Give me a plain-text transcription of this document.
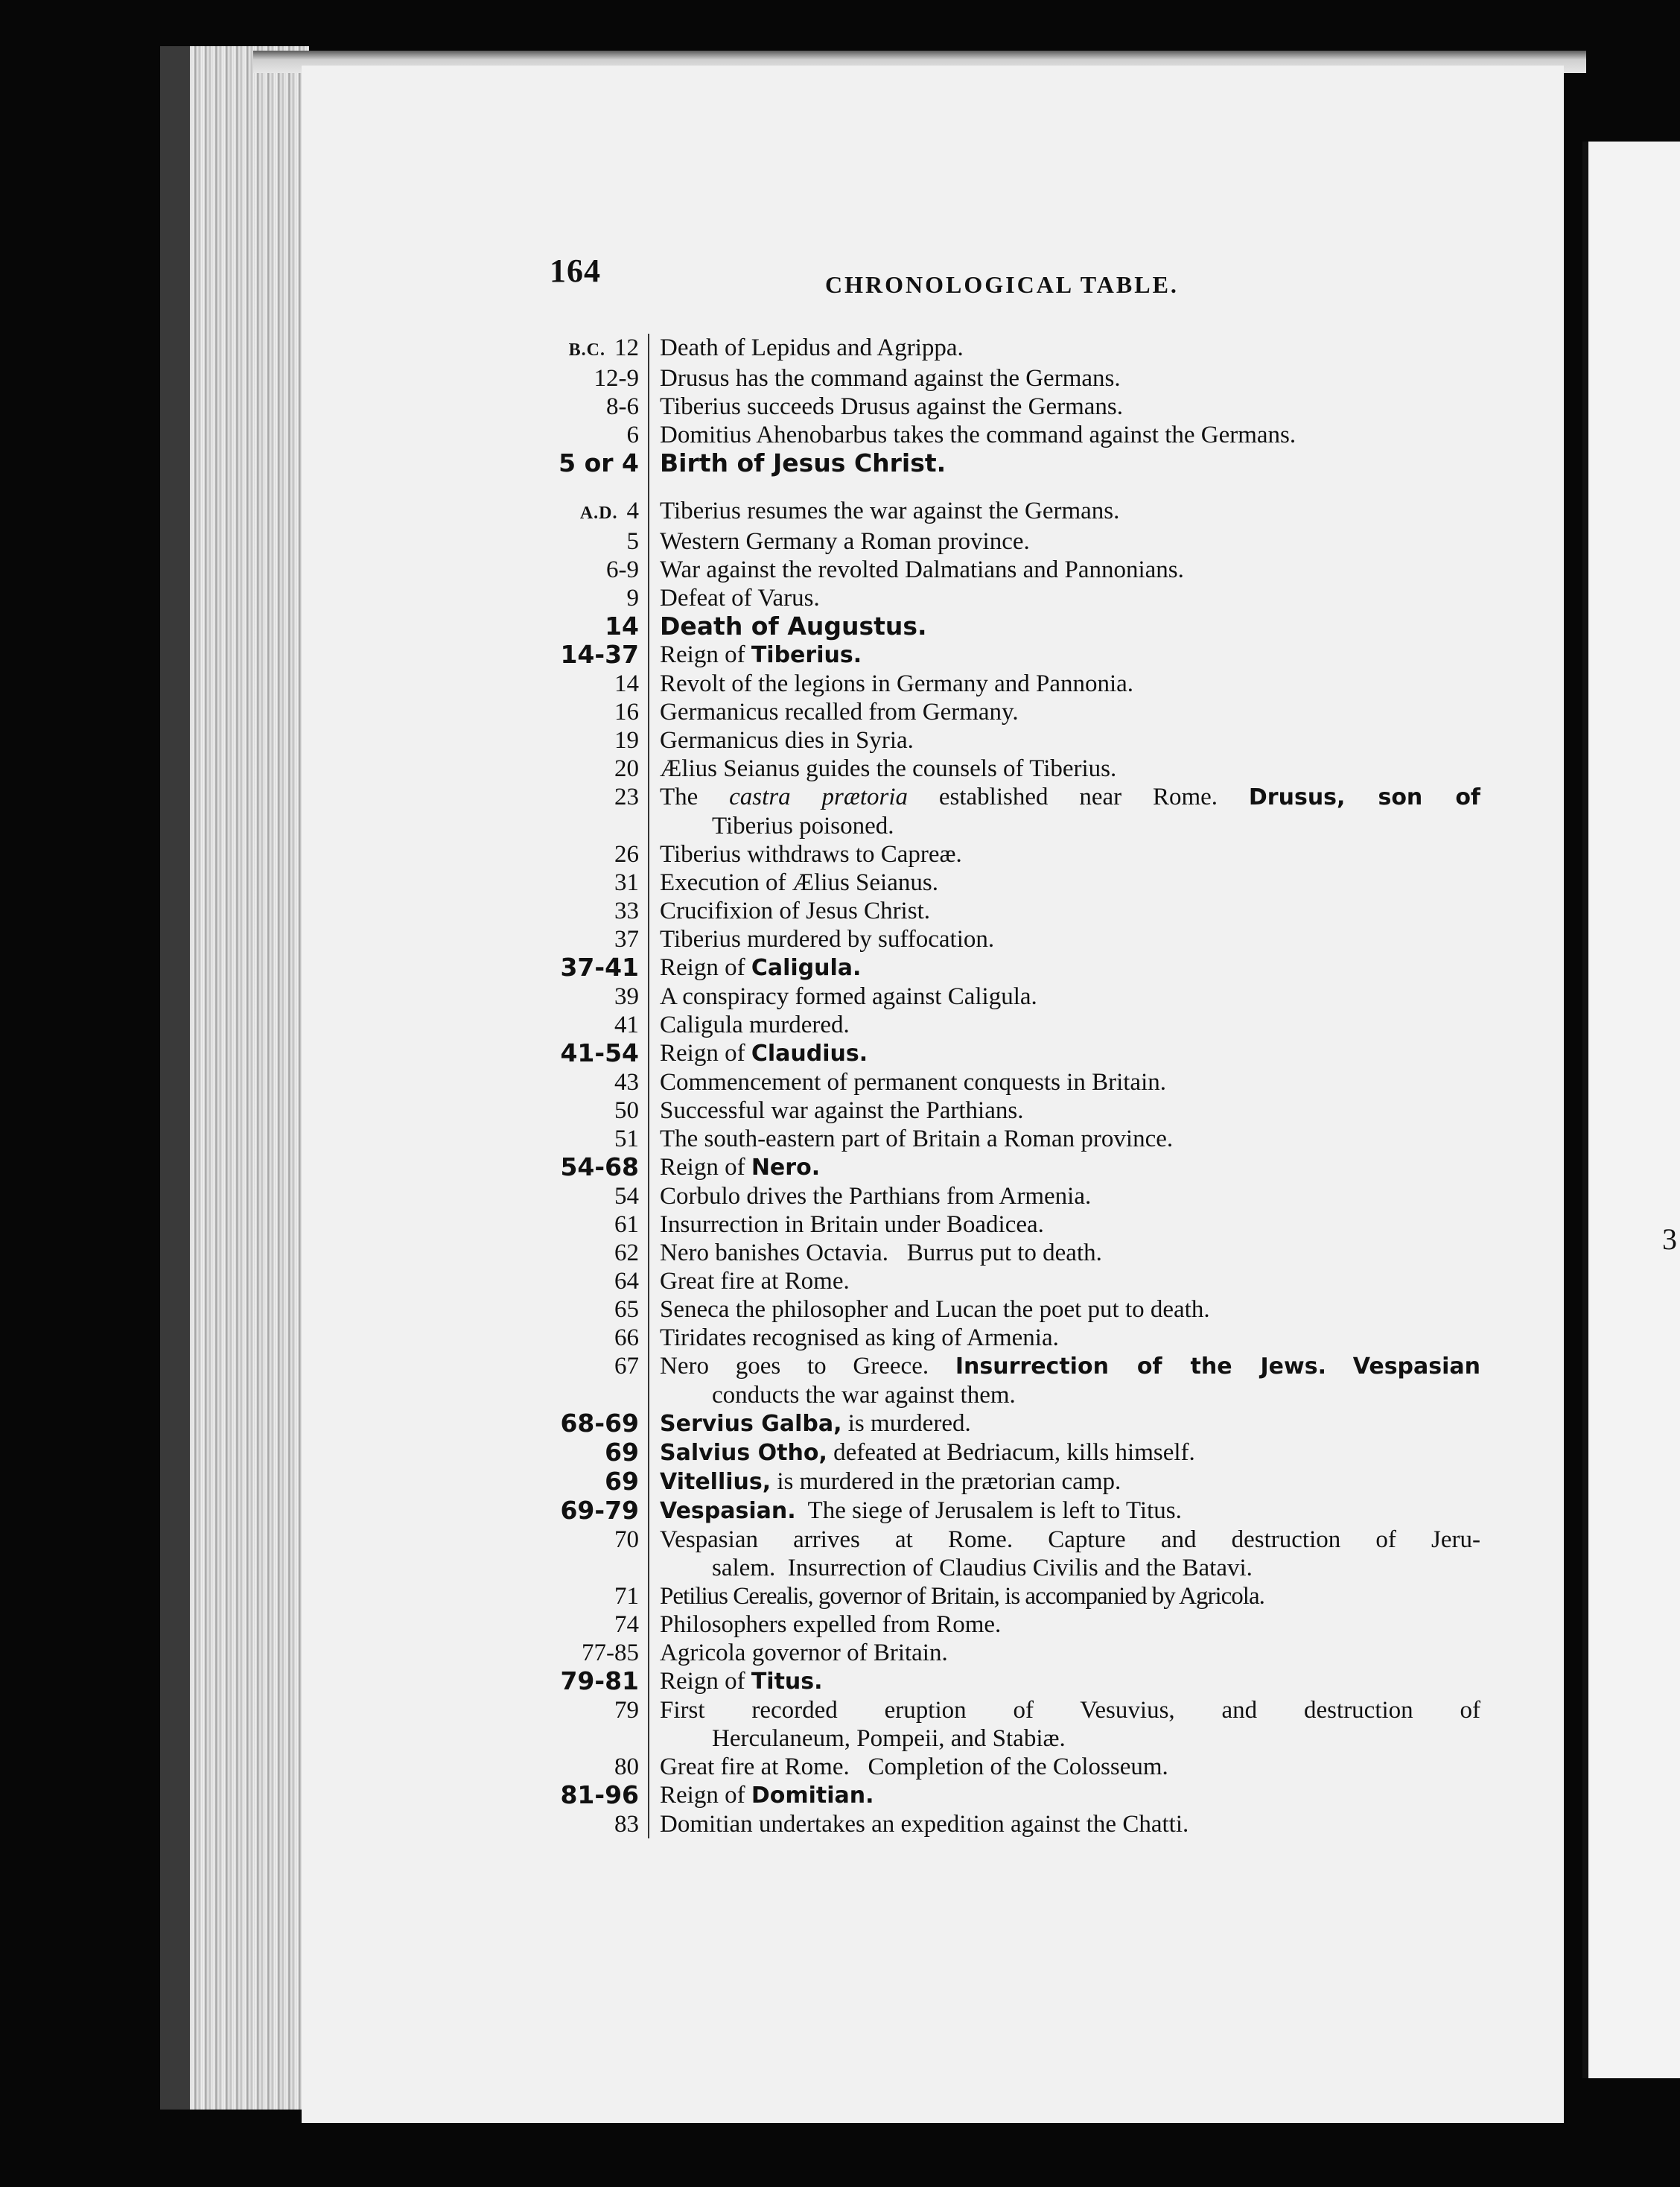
3
164	CHRONOLOGICAL TABLE.
B.C. 12	Death of Lepidus and Agrippa.
12-9	Drusus has the command against the Germans.
8-6	Tiberius succeeds Drusus against the Germans.
6	Domitius Ahenobarbus takes the command against the Germans.
5 or 4	Birth of Jesus Christ.

A.D. 4	Tiberius resumes the war against the Germans.
5	Western Germany a Roman province.
6-9	War against the revolted Dalmatians and Pannonians.
9	Defeat of Varus.
14	Death of Augustus.
14-37	Reign of Tiberius.
14	Revolt of the legions in Germany and Pannonia.
16	Germanicus recalled from Germany.
19	Germanicus dies in Syria.
20	Ælius Seianus guides the counsels of Tiberius.
23	The castra prætoria established near Rome. Drusus, son of
Tiberius poisoned.

26	Tiberius withdraws to Capreæ.
31	Execution of Ælius Seianus.
33	Crucifixion of Jesus Christ.
37	Tiberius murdered by suffocation.
37-41	Reign of Caligula.
39	A conspiracy formed against Caligula.
41	Caligula murdered.
41-54	Reign of Claudius.
43	Commencement of permanent conquests in Britain.
50	Successful war against the Parthians.
51	The south-eastern part of Britain a Roman province.
54-68	Reign of Nero.
54	Corbulo drives the Parthians from Armenia.
61	Insurrection in Britain under Boadicea.
62	Nero banishes Octavia. Burrus put to death.
64	Great fire at Rome.
65	Seneca the philosopher and Lucan the poet put to death.
66	Tiridates recognised as king of Armenia.
67	Nero goes to Greece. Insurrection of the Jews. Vespasian
conducts the war against them.

68-69	Servius Galba, is murdered.
69	Salvius Otho, defeated at Bedriacum, kills himself.
69	Vitellius, is murdered in the prætorian camp.
69-79	Vespasian. The siege of Jerusalem is left to Titus.
70	Vespasian arrives at Rome. Capture and destruction of Jeru-
salem. Insurrection of Claudius Civilis and the Batavi.

71	Petilius Cerealis, governor of Britain, is accompanied by Agricola.
74	Philosophers expelled from Rome.
77-85	Agricola governor of Britain.
79-81	Reign of Titus.
79	First recorded eruption of Vesuvius, and destruction of
Herculaneum, Pompeii, and Stabiæ.

80	Great fire at Rome. Completion of the Colosseum.
81-96	Reign of Domitian.
83	Domitian undertakes an expedition against the Chatti.
